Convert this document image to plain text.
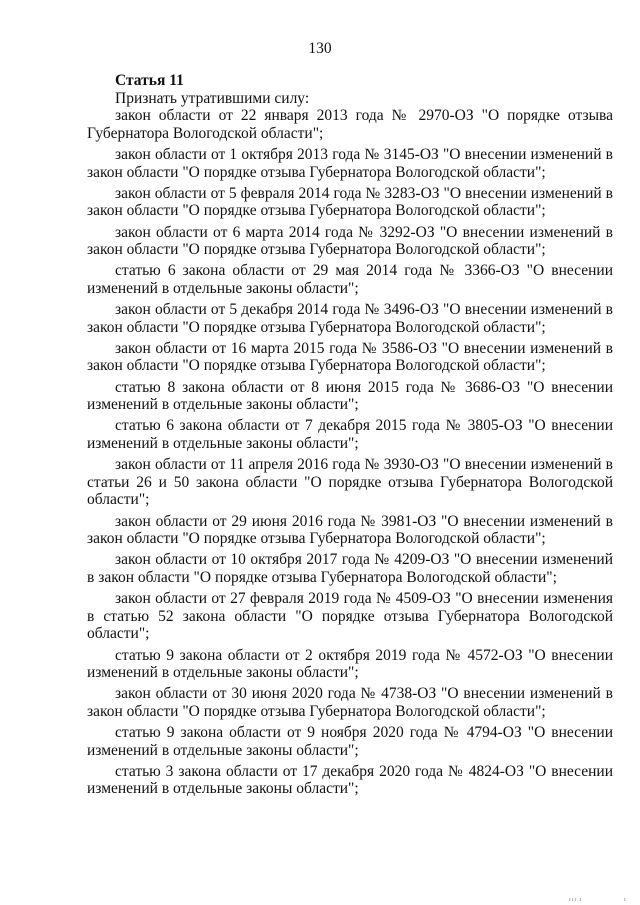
130

Статья 11

Признать утратившими силу:

закон области от 22 января 2013 года № 2970-ОЗ "О порядке отзыва Губернатора Вологодской области";

закон области от 1 октября 2013 года № 3145-ОЗ "О внесении изменений в закон области "О порядке отзыва Губернатора Вологодской области";

закон области от 5 февраля 2014 года № 3283-ОЗ "О внесении изменений в закон области "О порядке отзыва Губернатора Вологодской области";

закон области от 6 марта 2014 года № 3292-ОЗ "О внесении изменений в закон области "О порядке отзыва Губернатора Вологодской области";

статью 6 закона области от 29 мая 2014 года № 3366-ОЗ "О внесении изменений в отдельные законы области";

закон области от 5 декабря 2014 года № 3496-ОЗ "О внесении изменений в закон области "О порядке отзыва Губернатора Вологодской области";

закон области от 16 марта 2015 года № 3586-ОЗ "О внесении изменений в закон области "О порядке отзыва Губернатора Вологодской области";

статью 8 закона области от 8 июня 2015 года № 3686-ОЗ "О внесении изменений в отдельные законы области";

статью 6 закона области от 7 декабря 2015 года № 3805-ОЗ "О внесении изменений в отдельные законы области";

закон области от 11 апреля 2016 года № 3930-ОЗ "О внесении изменений в статьи 26 и 50 закона области "О порядке отзыва Губернатора Вологодской области";

закон области от 29 июня 2016 года № 3981-ОЗ "О внесении изменений в закон области "О порядке отзыва Губернатора Вологодской области";

закон области от 10 октября 2017 года № 4209-ОЗ "О внесении изменений в закон области "О порядке отзыва Губернатора Вологодской области";

закон области от 27 февраля 2019 года № 4509-ОЗ "О внесении изменения в статью 52 закона области "О порядке отзыва Губернатора Вологодской области";

статью 9 закона области от 2 октября 2019 года № 4572-ОЗ "О внесении изменений в отдельные законы области";

закон области от 30 июня 2020 года № 4738-ОЗ "О внесении изменений в закон области "О порядке отзыва Губернатора Вологодской области";

статью 9 закона области от 9 ноября 2020 года № 4794-ОЗ "О внесении изменений в отдельные законы области";

статью 3 закона области от 17 декабря 2020 года № 4824-ОЗ "О внесении изменений в отдельные законы области";

ııı ı	ı
